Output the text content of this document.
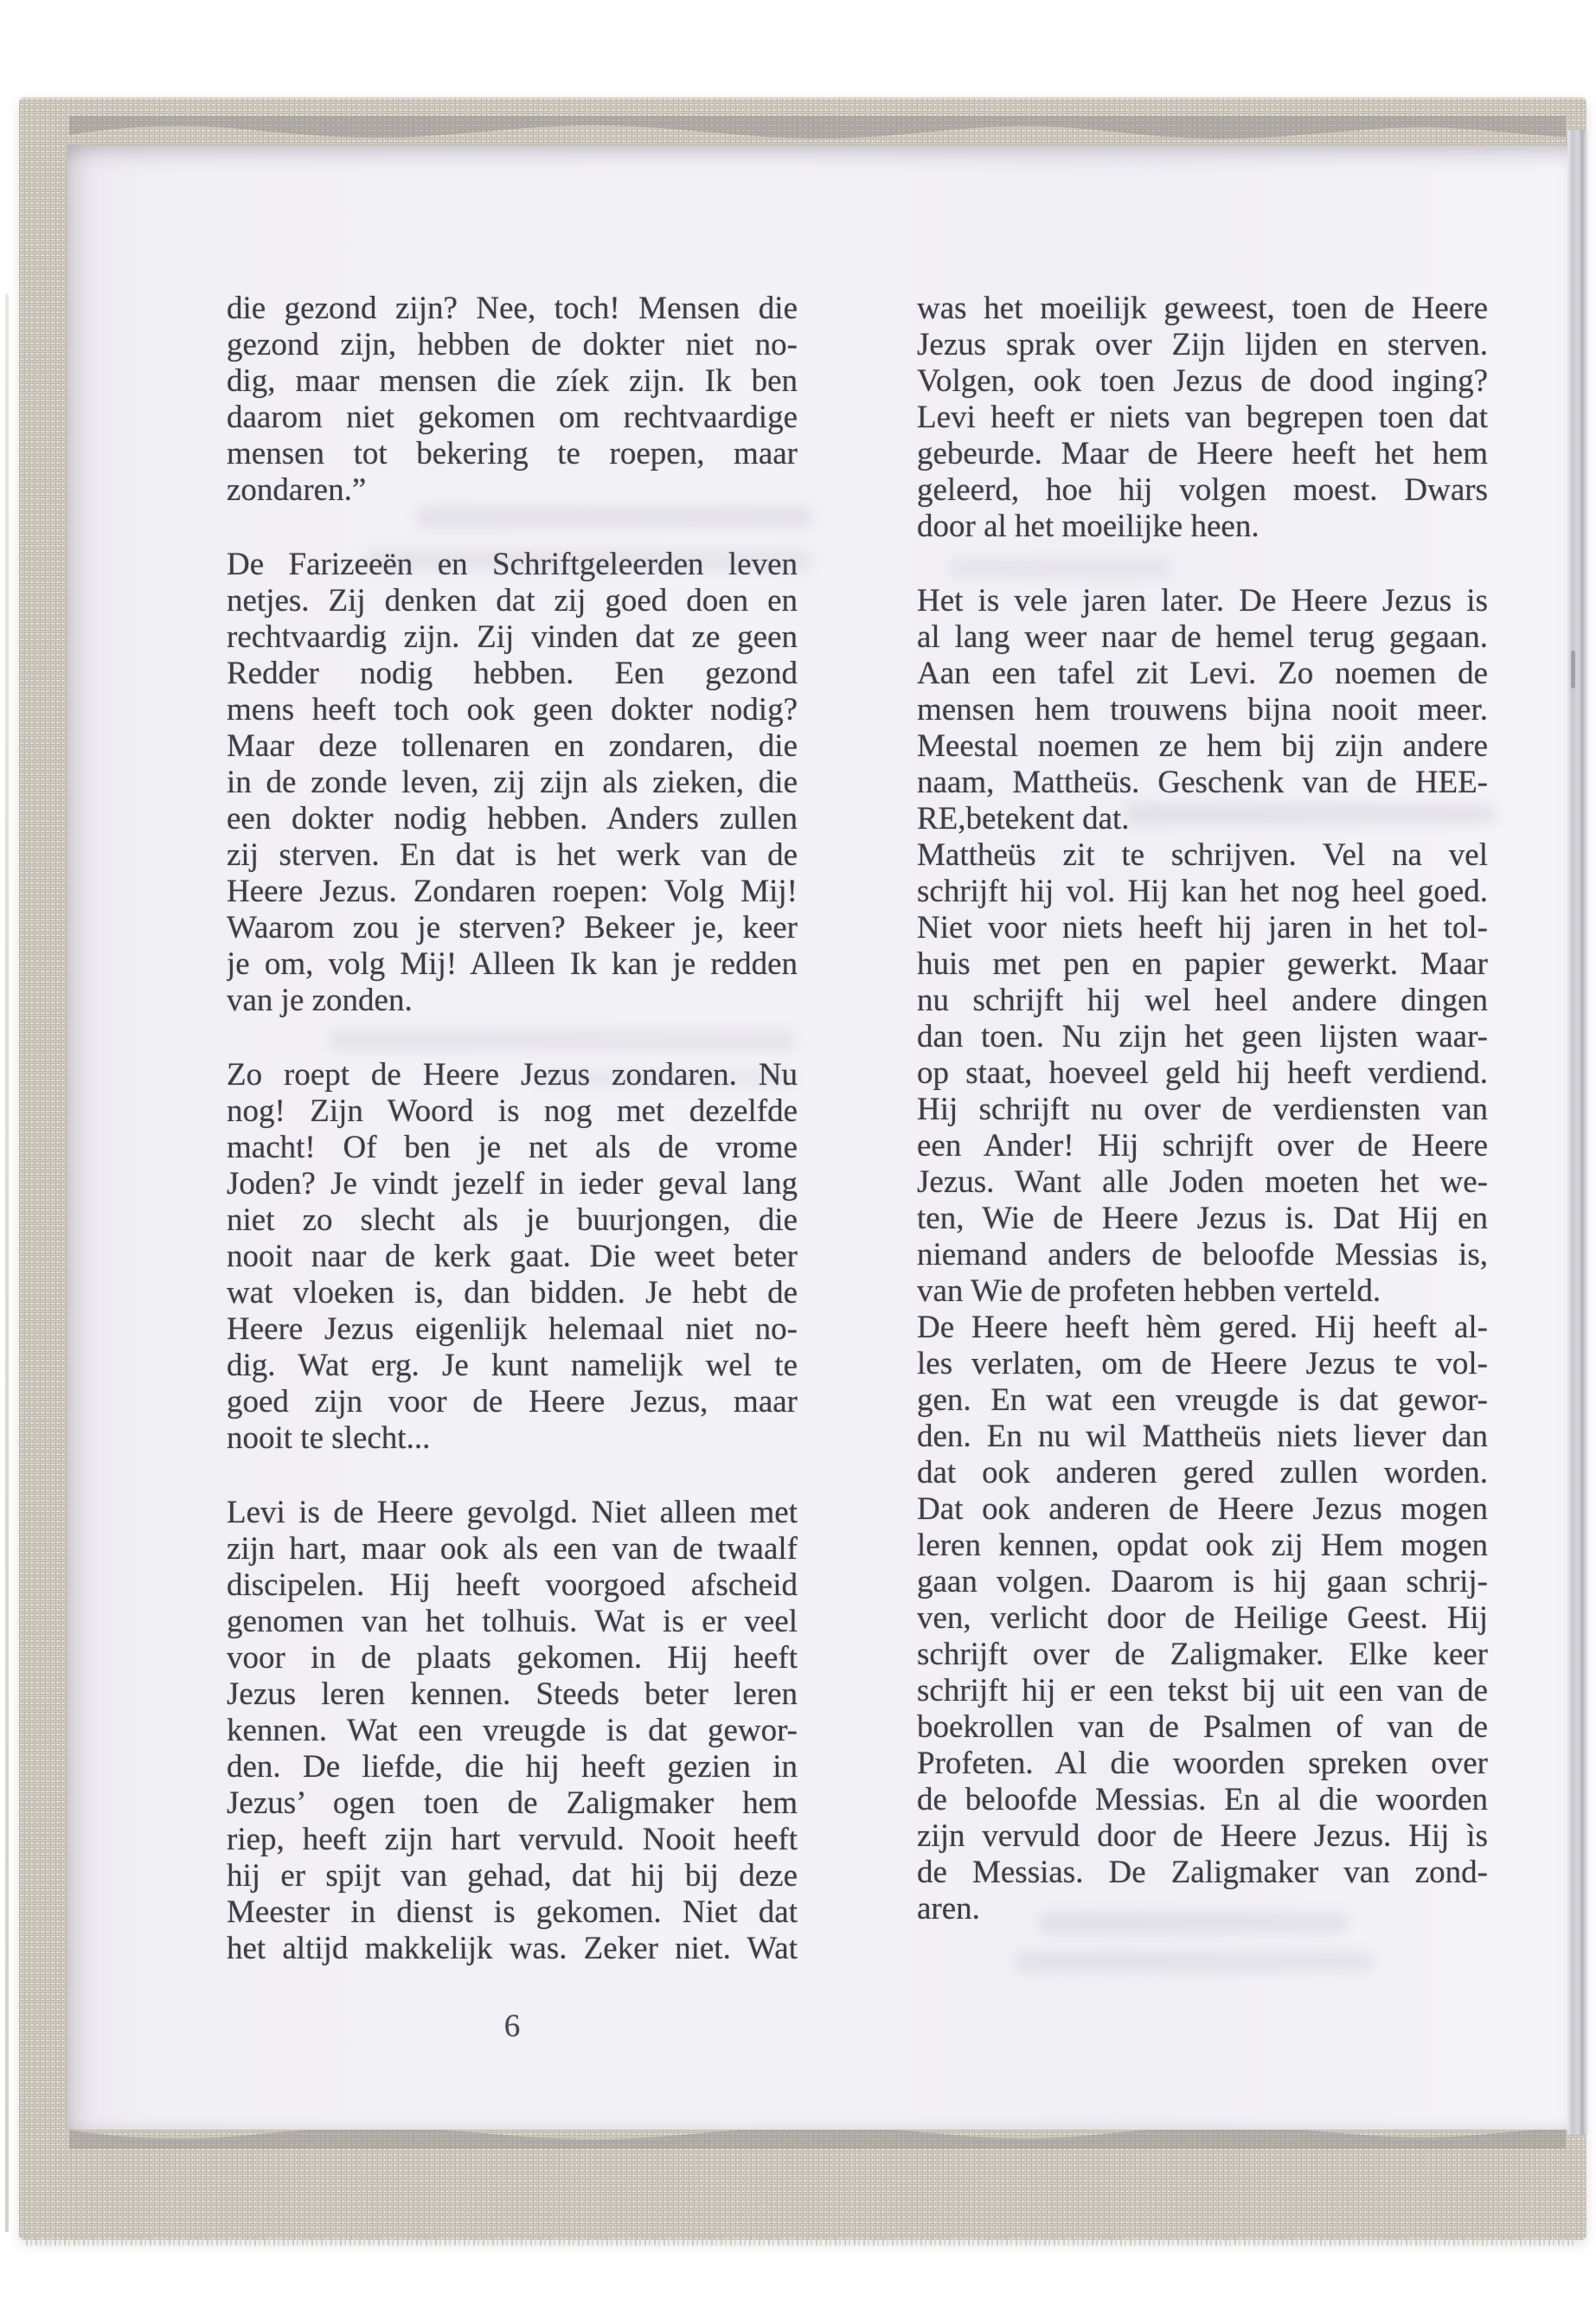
die gezond zijn? Nee, toch! Mensen die
gezond zijn, hebben de dokter niet no-
dig, maar mensen die zíek zijn. Ik ben
daarom niet gekomen om rechtvaardige
mensen tot bekering te roepen, maar
zondaren.”
De Farizeeën en Schriftgeleerden leven
netjes. Zij denken dat zij goed doen en
rechtvaardig zijn. Zij vinden dat ze geen
Redder nodig hebben. Een gezond
mens heeft toch ook geen dokter nodig?
Maar deze tollenaren en zondaren, die
in de zonde leven, zij zijn als zieken, die
een dokter nodig hebben. Anders zullen
zij sterven. En dat is het werk van de
Heere Jezus. Zondaren roepen: Volg Mij!
Waarom zou je sterven? Bekeer je, keer
je om, volg Mij! Alleen Ik kan je redden
van je zonden.
Zo roept de Heere Jezus zondaren. Nu
nog! Zijn Woord is nog met dezelfde
macht! Of ben je net als de vrome
Joden? Je vindt jezelf in ieder geval lang
niet zo slecht als je buurjongen, die
nooit naar de kerk gaat. Die weet beter
wat vloeken is, dan bidden. Je hebt de
Heere Jezus eigenlijk helemaal niet no-
dig. Wat erg. Je kunt namelijk wel te
goed zijn voor de Heere Jezus, maar
nooit te slecht...
Levi is de Heere gevolgd. Niet alleen met
zijn hart, maar ook als een van de twaalf
discipelen. Hij heeft voorgoed afscheid
genomen van het tolhuis. Wat is er veel
voor in de plaats gekomen. Hij heeft
Jezus leren kennen. Steeds beter leren
kennen. Wat een vreugde is dat gewor-
den. De liefde, die hij heeft gezien in
Jezus’ ogen toen de Zaligmaker hem
riep, heeft zijn hart vervuld. Nooit heeft
hij er spijt van gehad, dat hij bij deze
Meester in dienst is gekomen. Niet dat
het altijd makkelijk was. Zeker niet. Wat
was het moeilijk geweest, toen de Heere
Jezus sprak over Zijn lijden en sterven.
Volgen, ook toen Jezus de dood inging?
Levi heeft er niets van begrepen toen dat
gebeurde. Maar de Heere heeft het hem
geleerd, hoe hij volgen moest. Dwars
door al het moeilijke heen.
Het is vele jaren later. De Heere Jezus is
al lang weer naar de hemel terug gegaan.
Aan een tafel zit Levi. Zo noemen de
mensen hem trouwens bijna nooit meer.
Meestal noemen ze hem bij zijn andere
naam, Mattheüs. Geschenk van de HEE-
RE,betekent dat.
Mattheüs zit te schrijven. Vel na vel
schrijft hij vol. Hij kan het nog heel goed.
Niet voor niets heeft hij jaren in het tol-
huis met pen en papier gewerkt. Maar
nu schrijft hij wel heel andere dingen
dan toen. Nu zijn het geen lijsten waar-
op staat, hoeveel geld hij heeft verdiend.
Hij schrijft nu over de verdiensten van
een Ander! Hij schrijft over de Heere
Jezus. Want alle Joden moeten het we-
ten, Wie de Heere Jezus is. Dat Hij en
niemand anders de beloofde Messias is,
van Wie de profeten hebben verteld.
De Heere heeft hèm gered. Hij heeft al-
les verlaten, om de Heere Jezus te vol-
gen. En wat een vreugde is dat gewor-
den. En nu wil Mattheüs niets liever dan
dat ook anderen gered zullen worden.
Dat ook anderen de Heere Jezus mogen
leren kennen, opdat ook zij Hem mogen
gaan volgen. Daarom is hij gaan schrij-
ven, verlicht door de Heilige Geest. Hij
schrijft over de Zaligmaker. Elke keer
schrijft hij er een tekst bij uit een van de
boekrollen van de Psalmen of van de
Profeten. Al die woorden spreken over
de beloofde Messias. En al die woorden
zijn vervuld door de Heere Jezus. Hij ìs
de Messias. De Zaligmaker van zond-
aren.
6
